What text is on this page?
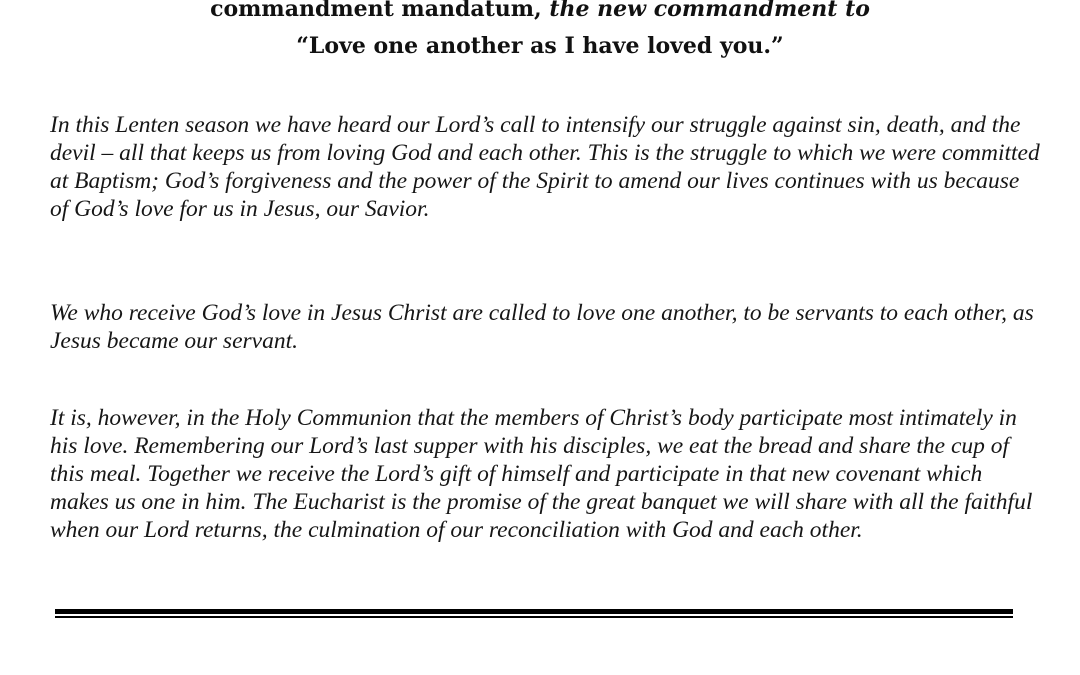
commandment mandatum, the new commandment to
“Love one another as I have loved you.”

In this Lenten season we have heard our Lord’s call to intensify our struggle against sin, death, and the devil – all that keeps us from loving God and each other. This is the struggle to which we were committed at Baptism; God’s forgiveness and the power of the Spirit to amend our lives continues with us because of God’s love for us in Jesus, our Savior.

We who receive God’s love in Jesus Christ are called to love one another, to be servants to each other, as Jesus became our servant.

It is, however, in the Holy Communion that the members of Christ’s body participate most intimately in his love. Remembering our Lord’s last supper with his disciples, we eat the bread and share the cup of this meal. Together we receive the Lord’s gift of himself and participate in that new covenant which makes us one in him. The Eucharist is the promise of the great banquet we will share with all the faithful when our Lord returns, the culmination of our reconciliation with God and each other.
